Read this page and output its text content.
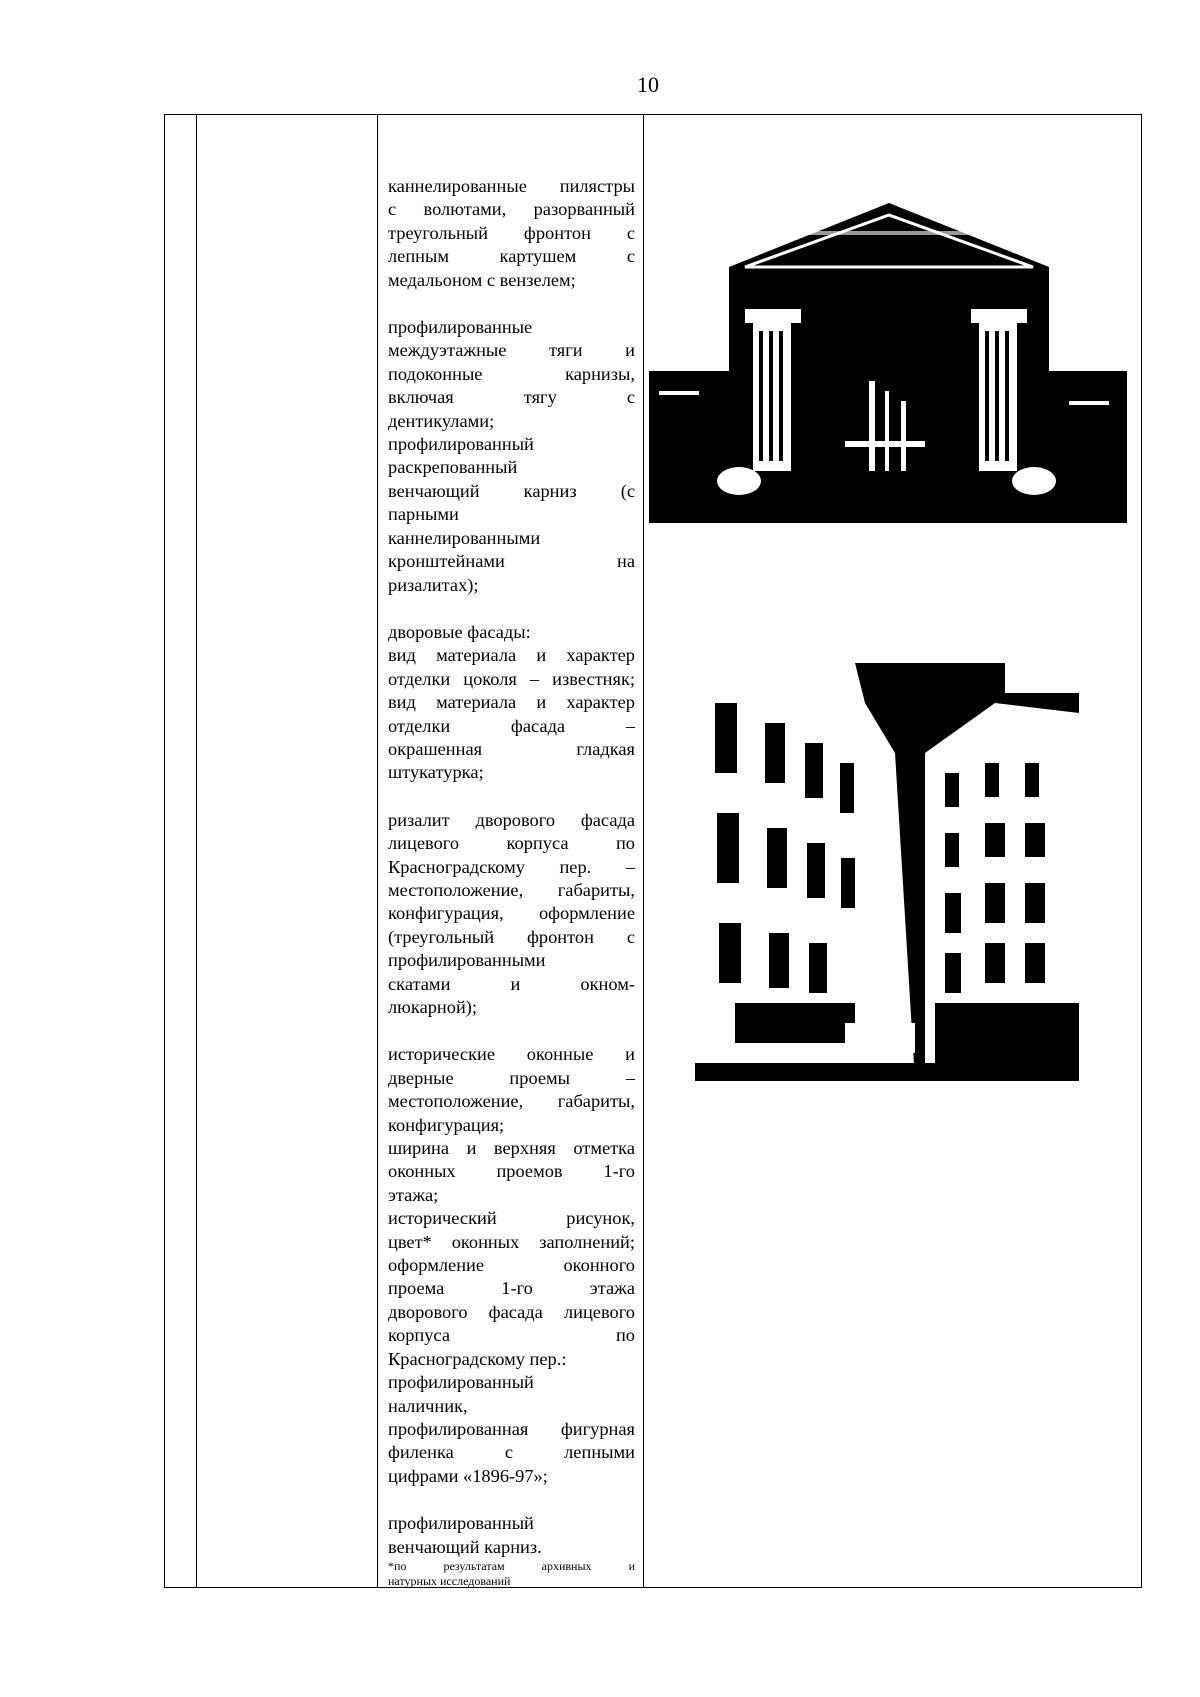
10
каннелированные пилястры
с волютами, разорванный
треугольный фронтон с
лепным картушем с
медальоном с вензелем;
профилированные
междуэтажные тяги и
подоконные карнизы,
включая тягу с
дентикулами;
профилированный
раскрепованный
венчающий карниз (с
парными
каннелированными
кронштейнами на
ризалитах);
дворовые фасады:
вид материала и характер
отделки цоколя – известняк;
вид материала и характер
отделки фасада –
окрашенная гладкая
штукатурка;
ризалит дворового фасада
лицевого корпуса по
Красноградскому пер. –
местоположение, габариты,
конфигурация, оформление
(треугольный фронтон с
профилированными
скатами и окном-
люкарной);
исторические оконные и
дверные проемы –
местоположение, габариты,
конфигурация;
ширина и верхняя отметка
оконных проемов 1-го
этажа;
исторический рисунок,
цвет* оконных заполнений;
оформление оконного
проема 1-го этажа
дворового фасада лицевого
корпуса по
Красноградскому пер.:
профилированный
наличник,
профилированная фигурная
филенка с лепными
цифрами «1896-97»;
профилированный
венчающий карниз.
*по результатам архивных и
натурных исследований
